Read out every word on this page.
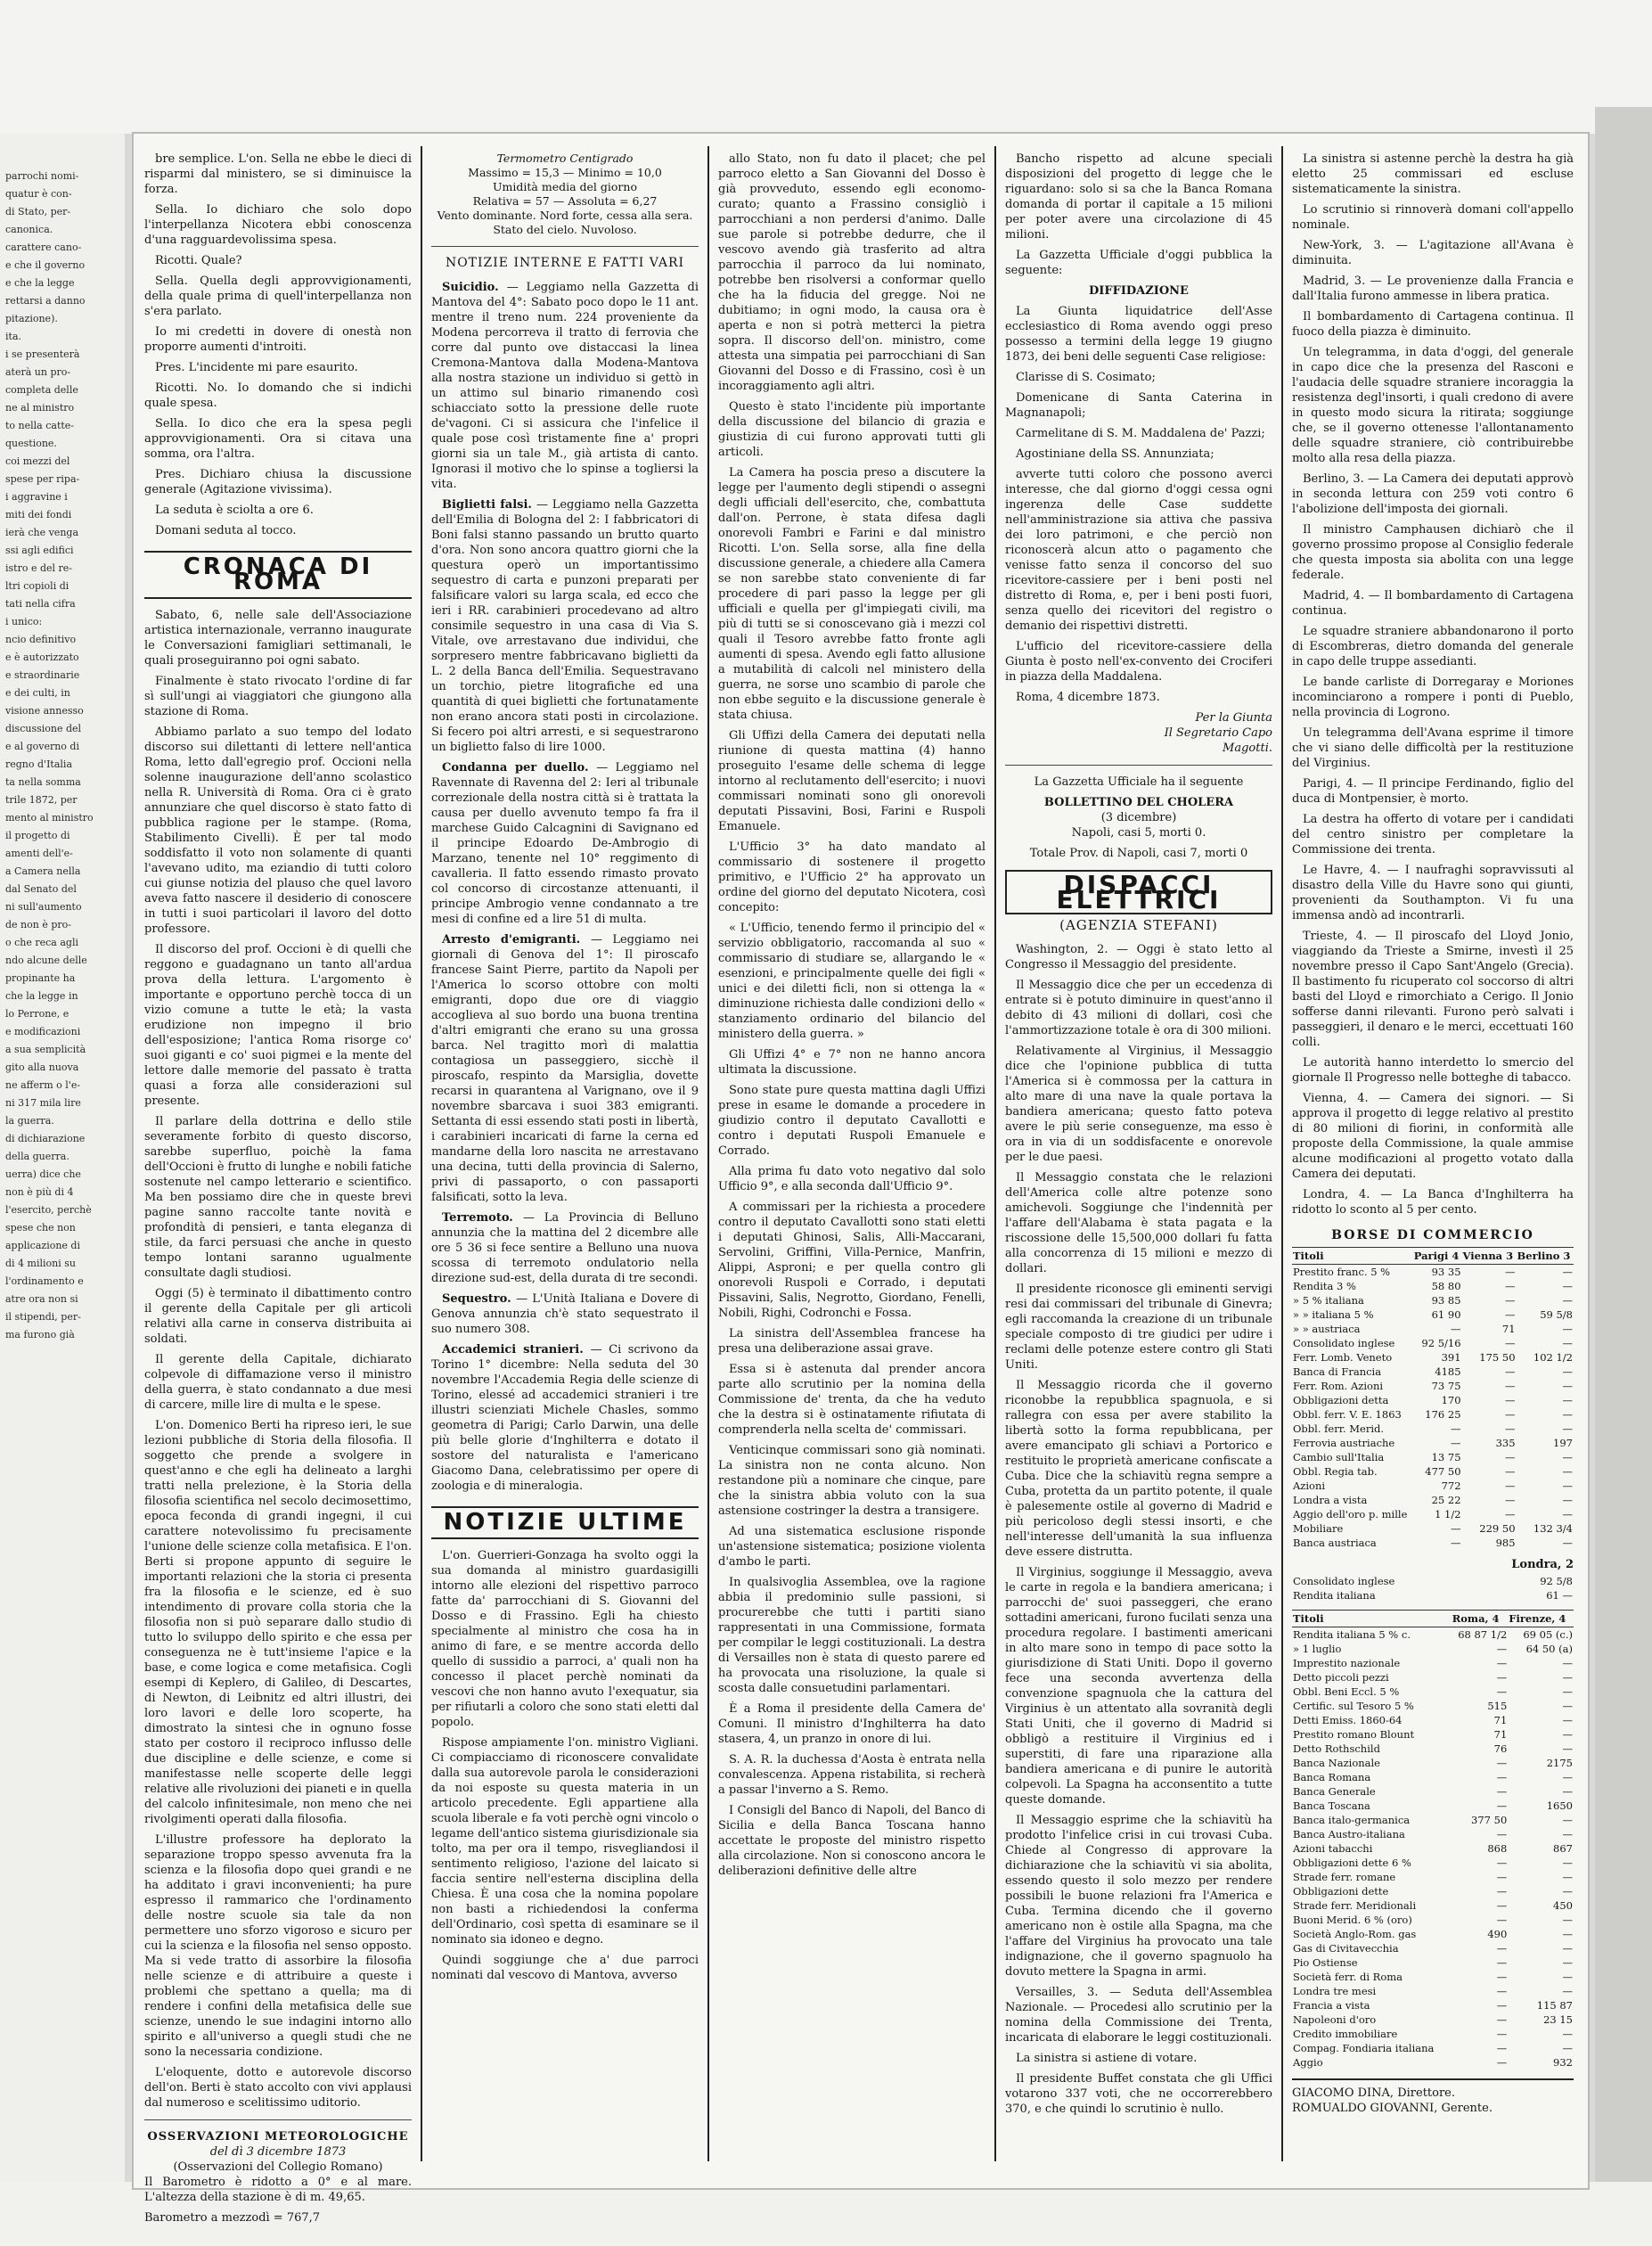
parrochi nomi-

quatur è con-

di Stato, per-

canonica.

carattere cano-

e che il governo

e che la legge

rettarsi a danno

pitazione).

ita.

i se presenterà

aterà un pro-

completa delle

ne al ministro

to nella catte-

questione.

coi mezzi del

spese per ripa-

i aggravine i

miti dei fondi

ierà che venga

ssi agli edifici

istro e del re-

ltri copioli di

tati nella cifra

i unico:

ncio definitivo

e è autorizzato

e straordinarie

e dei culti, in

visione annesso

discussione del

e al governo di

regno d'Italia

ta nella somma

trile 1872, per

mento al ministro

il progetto di

amenti dell'e-

a Camera nella

dal Senato del

ni sull'aumento

de non è pro-

o che reca agli

ndo alcune delle

propinante ha

che la legge in

lo Perrone, e

e modificazioni

a sua semplicità

gito alla nuova

ne afferm o l'e-

ni 317 mila lire

la guerra.

di dichiarazione

della guerra.

uerra) dice che

non è più di 4

l'esercito, perchè

spese che non

applicazione di

di 4 milioni su

l'ordinamento e

atre ora non si

il stipendi, per-

ma furono già

bre semplice. L'on. Sella ne ebbe le dieci di risparmi dal ministero, se si diminuisce la forza.

Sella. Io dichiaro che solo dopo l'interpellanza Nicotera ebbi conoscenza d'una ragguardevolissima spesa.

Ricotti. Quale?

Sella. Quella degli approvvigionamenti, della quale prima di quell'interpellanza non s'era parlato.

Io mi credetti in dovere di onestà non proporre aumenti d'introiti.

Pres. L'incidente mi pare esaurito.

Ricotti. No. Io domando che si indichi quale spesa.

Sella. Io dico che era la spesa pegli approvvigionamenti. Ora si citava una somma, ora l'altra.

Pres. Dichiaro chiusa la discussione generale (Agitazione vivissima).

La seduta è sciolta a ore 6.

Domani seduta al tocco.

CRONACA DI ROMA

Sabato, 6, nelle sale dell'Associazione artistica internazionale, verranno inaugurate le Conversazioni famigliari settimanali, le quali proseguiranno poi ogni sabato.

Finalmente è stato rivocato l'ordine di far sì sull'ungi ai viaggiatori che giungono alla stazione di Roma.

Abbiamo parlato a suo tempo del lodato discorso sui dilettanti di lettere nell'antica Roma, letto dall'egregio prof. Occioni nella solenne inaugurazione dell'anno scolastico nella R. Università di Roma. Ora ci è grato annunziare che quel discorso è stato fatto di pubblica ragione per le stampe. (Roma, Stabilimento Civelli). È per tal modo soddisfatto il voto non solamente di quanti l'avevano udito, ma eziandio di tutti coloro cui giunse notizia del plauso che quel lavoro aveva fatto nascere il desiderio di conoscere in tutti i suoi particolari il lavoro del dotto professore.

Il discorso del prof. Occioni è di quelli che reggono e guadagnano un tanto all'ardua prova della lettura. L'argomento è importante e opportuno perchè tocca di un vizio comune a tutte le età; la vasta erudizione non impegno il brio dell'esposizione; l'antica Roma risorge co' suoi giganti e co' suoi pigmei e la mente del lettore dalle memorie del passato è tratta quasi a forza alle considerazioni sul presente.

Il parlare della dottrina e dello stile severamente forbito di questo discorso, sarebbe superfluo, poichè la fama dell'Occioni è frutto di lunghe e nobili fatiche sostenute nel campo letterario e scientifico. Ma ben possiamo dire che in queste brevi pagine sanno raccolte tante novità e profondità di pensieri, e tanta eleganza di stile, da farci persuasi che anche in questo tempo lontani saranno ugualmente consultate dagli studiosi.

Oggi (5) è terminato il dibattimento contro il gerente della Capitale per gli articoli relativi alla carne in conserva distribuita ai soldati.

Il gerente della Capitale, dichiarato colpevole di diffamazione verso il ministro della guerra, è stato condannato a due mesi di carcere, mille lire di multa e le spese.

L'on. Domenico Berti ha ripreso ieri, le sue lezioni pubbliche di Storia della filosofia. Il soggetto che prende a svolgere in quest'anno e che egli ha delineato a larghi tratti nella prelezione, è la Storia della filosofia scientifica nel secolo decimosettimo, epoca feconda di grandi ingegni, il cui carattere notevolissimo fu precisamente l'unione delle scienze colla metafisica. E l'on. Berti si propone appunto di seguire le importanti relazioni che la storia ci presenta fra la filosofia e le scienze, ed è suo intendimento di provare colla storia che la filosofia non si può separare dallo studio di tutto lo sviluppo dello spirito e che essa per conseguenza ne è tutt'insieme l'apice e la base, e come logica e come metafisica. Cogli esempi di Keplero, di Galileo, di Descartes, di Newton, di Leibnitz ed altri illustri, dei loro lavori e delle loro scoperte, ha dimostrato la sintesi che in ognuno fosse stato per costoro il reciproco influsso delle due discipline e delle scienze, e come si manifestasse nelle scoperte delle leggi relative alle rivoluzioni dei pianeti e in quella del calcolo infinitesimale, non meno che nei rivolgimenti operati dalla filosofia.

L'illustre professore ha deplorato la separazione troppo spesso avvenuta fra la scienza e la filosofia dopo quei grandi e ne ha additato i gravi inconvenienti; ha pure espresso il rammarico che l'ordinamento delle nostre scuole sia tale da non permettere uno sforzo vigoroso e sicuro per cui la scienza e la filosofia nel senso opposto. Ma si vede tratto di assorbire la filosofia nelle scienze e di attribuire a queste i problemi che spettano a quella; ma di rendere i confini della metafisica delle sue scienze, unendo le sue indagini intorno allo spirito e all'universo a quegli studi che ne sono la necessaria condizione.

L'eloquente, dotto e autorevole discorso dell'on. Berti è stato accolto con vivi applausi dal numeroso e scelitissimo uditorio.

OSSERVAZIONI METEOROLOGICHE
del dì 3 dicembre 1873
(Osservazioni del Collegio Romano)

Il Barometro è ridotto a 0° e al mare. L'altezza della stazione è di m. 49,65.

Barometro a mezzodì = 767,7

Termometro Centigrado
Massimo = 15,3 — Minimo = 10,0
Umidità media del giorno
Relativa = 57 — Assoluta = 6,27
Vento dominante. Nord forte, cessa alla sera.
Stato del cielo. Nuvoloso.
NOTIZIE INTERNE E FATTI VARI

Suicidio. — Leggiamo nella Gazzetta di Mantova del 4°: Sabato poco dopo le 11 ant. mentre il treno num. 224 proveniente da Modena percorreva il tratto di ferrovia che corre dal punto ove distaccasi la linea Cremona-Mantova dalla Modena-Mantova alla nostra stazione un individuo si gettò in un attimo sul binario rimanendo così schiacciato sotto la pressione delle ruote de'vagoni. Ci si assicura che l'infelice il quale pose così tristamente fine a' propri giorni sia un tale M., già artista di canto. Ignorasi il motivo che lo spinse a togliersi la vita.

Biglietti falsi. — Leggiamo nella Gazzetta dell'Emilia di Bologna del 2: I fabbricatori di Boni falsi stanno passando un brutto quarto d'ora. Non sono ancora quattro giorni che la questura operò un importantissimo sequestro di carta e punzoni preparati per falsificare valori su larga scala, ed ecco che ieri i RR. carabinieri procedevano ad altro consimile sequestro in una casa di Via S. Vitale, ove arrestavano due individui, che sorpresero mentre fabbricavano biglietti da L. 2 della Banca dell'Emilia. Sequestravano un torchio, pietre litografiche ed una quantità di quei biglietti che fortunatamente non erano ancora stati posti in circolazione. Si fecero poi altri arresti, e si sequestrarono un biglietto falso di lire 1000.

Condanna per duello. — Leggiamo nel Ravennate di Ravenna del 2: Ieri al tribunale correzionale della nostra città si è trattata la causa per duello avvenuto tempo fa fra il marchese Guido Calcagnini di Savignano ed il principe Edoardo De-Ambrogio di Marzano, tenente nel 10° reggimento di cavalleria. Il fatto essendo rimasto provato col concorso di circostanze attenuanti, il principe Ambrogio venne condannato a tre mesi di confine ed a lire 51 di multa.

Arresto d'emigranti. — Leggiamo nei giornali di Genova del 1°: Il piroscafo francese Saint Pierre, partito da Napoli per l'America lo scorso ottobre con molti emigranti, dopo due ore di viaggio accoglieva al suo bordo una buona trentina d'altri emigranti che erano su una grossa barca. Nel tragitto morì di malattia contagiosa un passeggiero, sicchè il piroscafo, respinto da Marsiglia, dovette recarsi in quarantena al Varignano, ove il 9 novembre sbarcava i suoi 383 emigranti. Settanta di essi essendo stati posti in libertà, i carabinieri incaricati di farne la cerna ed mandarne della loro nascita ne arrestavano una decina, tutti della provincia di Salerno, privi di passaporto, o con passaporti falsificati, sotto la leva.

Terremoto. — La Provincia di Belluno annunzia che la mattina del 2 dicembre alle ore 5 36 si fece sentire a Belluno una nuova scossa di terremoto ondulatorio nella direzione sud-est, della durata di tre secondi.

Sequestro. — L'Unità Italiana e Dovere di Genova annunzia ch'è stato sequestrato il suo numero 308.

Accademici stranieri. — Ci scrivono da Torino 1° dicembre: Nella seduta del 30 novembre l'Accademia Regia delle scienze di Torino, elessé ad accademici stranieri i tre illustri scienziati Michele Chasles, sommo geometra di Parigi; Carlo Darwin, una delle più belle glorie d'Inghilterra e dotato il sostore del naturalista e l'americano Giacomo Dana, celebratissimo per opere di zoologia e di mineralogia.

NOTIZIE ULTIME

L'on. Guerrieri-Gonzaga ha svolto oggi la sua domanda al ministro guardasigilli intorno alle elezioni del rispettivo parroco fatte da' parrocchiani di S. Giovanni del Dosso e di Frassino. Egli ha chiesto specialmente al ministro che cosa ha in animo di fare, e se mentre accorda dello quello di sussidio a parroci, a' quali non ha concesso il placet perchè nominati da vescovi che non hanno avuto l'exequatur, sia per rifiutarli a coloro che sono stati eletti dal popolo.

Rispose ampiamente l'on. ministro Vigliani. Ci compiacciamo di riconoscere convalidate dalla sua autorevole parola le considerazioni da noi esposte su questa materia in un articolo precedente. Egli appartiene alla scuola liberale e fa voti perchè ogni vincolo o legame dell'antico sistema giurisdizionale sia tolto, ma per ora il tempo, risvegliandosi il sentimento religioso, l'azione del laicato si faccia sentire nell'esterna disciplina della Chiesa. È una cosa che la nomina popolare non basti a richiedendosi la conferma dell'Ordinario, così spetta di esaminare se il nominato sia idoneo e degno.

Quindi soggiunge che a' due parroci nominati dal vescovo di Mantova, avverso

allo Stato, non fu dato il placet; che pel parroco eletto a San Giovanni del Dosso è già provveduto, essendo egli economo-curato; quanto a Frassino consigliò i parrocchiani a non perdersi d'animo. Dalle sue parole si potrebbe dedurre, che il vescovo avendo già trasferito ad altra parrocchia il parroco da lui nominato, potrebbe ben risolversi a conformar quello che ha la fiducia del gregge. Noi ne dubitiamo; in ogni modo, la causa ora è aperta e non si potrà metterci la pietra sopra. Il discorso dell'on. ministro, come attesta una simpatia pei parrocchiani di San Giovanni del Dosso e di Frassino, così è un incoraggiamento agli altri.

Questo è stato l'incidente più importante della discussione del bilancio di grazia e giustizia di cui furono approvati tutti gli articoli.

La Camera ha poscia preso a discutere la legge per l'aumento degli stipendi o assegni degli ufficiali dell'esercito, che, combattuta dall'on. Perrone, è stata difesa dagli onorevoli Fambri e Farini e dal ministro Ricotti. L'on. Sella sorse, alla fine della discussione generale, a chiedere alla Camera se non sarebbe stato conveniente di far procedere di pari passo la legge per gli ufficiali e quella per gl'impiegati civili, ma più di tutti se si conoscevano già i mezzi col quali il Tesoro avrebbe fatto fronte agli aumenti di spesa. Avendo egli fatto allusione a mutabilità di calcoli nel ministero della guerra, ne sorse uno scambio di parole che non ebbe seguito e la discussione generale è stata chiusa.

Gli Uffizi della Camera dei deputati nella riunione di questa mattina (4) hanno proseguito l'esame delle schema di legge intorno al reclutamento dell'esercito; i nuovi commissari nominati sono gli onorevoli deputati Pissavini, Bosi, Farini e Ruspoli Emanuele.

L'Ufficio 3° ha dato mandato al commissario di sostenere il progetto primitivo, e l'Ufficio 2° ha approvato un ordine del giorno del deputato Nicotera, così concepito:

« L'Ufficio, tenendo fermo il principio del « servizio obbligatorio, raccomanda al suo « commissario di studiare se, allargando le « esenzioni, e principalmente quelle dei figli « unici e dei diletti ficli, non si ottenga la « diminuzione richiesta dalle condizioni dello « stanziamento ordinario del bilancio del ministero della guerra. »

Gli Uffizi 4° e 7° non ne hanno ancora ultimata la discussione.

Sono state pure questa mattina dagli Uffizi prese in esame le domande a procedere in giudizio contro il deputato Cavallotti e contro i deputati Ruspoli Emanuele e Corrado.

Alla prima fu dato voto negativo dal solo Ufficio 9°, e alla seconda dall'Ufficio 9°.

A commissari per la richiesta a procedere contro il deputato Cavallotti sono stati eletti i deputati Ghinosi, Salis, Alli-Maccarani, Servolini, Griffini, Villa-Pernice, Manfrin, Alippi, Asproni; e per quella contro gli onorevoli Ruspoli e Corrado, i deputati Pissavini, Salis, Negrotto, Giordano, Fenelli, Nobili, Righi, Codronchi e Fossa.

La sinistra dell'Assemblea francese ha presa una deliberazione assai grave.

Essa si è astenuta dal prender ancora parte allo scrutinio per la nomina della Commissione de' trenta, da che ha veduto che la destra si è ostinatamente rifiutata di comprenderla nella scelta de' commissari.

Venticinque commissari sono già nominati. La sinistra non ne conta alcuno. Non restandone più a nominare che cinque, pare che la sinistra abbia voluto con la sua astensione costringer la destra a transigere.

Ad una sistematica esclusione risponde un'astensione sistematica; posizione violenta d'ambo le parti.

In qualsivoglia Assemblea, ove la ragione abbia il predominio sulle passioni, si procurerebbe che tutti i partiti siano rappresentati in una Commissione, formata per compilar le leggi costituzionali. La destra di Versailles non è stata di questo parere ed ha provocata una risoluzione, la quale si scosta dalle consuetudini parlamentari.

È a Roma il presidente della Camera de' Comuni. Il ministro d'Inghilterra ha dato stasera, 4, un pranzo in onore di lui.

S. A. R. la duchessa d'Aosta è entrata nella convalescenza. Appena ristabilita, si recherà a passar l'inverno a S. Remo.

I Consigli del Banco di Napoli, del Banco di Sicilia e della Banca Toscana hanno accettate le proposte del ministro rispetto alla circolazione. Non si conoscono ancora le deliberazioni definitive delle altre

Bancho rispetto ad alcune speciali disposizioni del progetto di legge che le riguardano: solo si sa che la Banca Romana domanda di portar il capitale a 15 milioni per poter avere una circolazione di 45 milioni.

La Gazzetta Ufficiale d'oggi pubblica la seguente:

DIFFIDAZIONE

La Giunta liquidatrice dell'Asse ecclesiastico di Roma avendo oggi preso possesso a termini della legge 19 giugno 1873, dei beni delle seguenti Case religiose:

Clarisse di S. Cosimato;

Domenicane di Santa Caterina in Magnanapoli;

Carmelitane di S. M. Maddalena de' Pazzi;

Agostiniane della SS. Annunziata;

avverte tutti coloro che possono averci interesse, che dal giorno d'oggi cessa ogni ingerenza delle Case suddette nell'amministrazione sia attiva che passiva dei loro patrimoni, e che perciò non riconoscerà alcun atto o pagamento che venisse fatto senza il concorso del suo ricevitore-cassiere per i beni posti nel distretto di Roma, e, per i beni posti fuori, senza quello dei ricevitori del registro o demanio dei rispettivi distretti.

L'ufficio del ricevitore-cassiere della Giunta è posto nell'ex-convento dei Crociferi in piazza della Maddalena.

Roma, 4 dicembre 1873.

Per la Giunta
Il Segretario Capo
Magotti.
La Gazzetta Ufficiale ha il seguente
BOLLETTINO DEL CHOLERA
(3 dicembre)

Napoli, casi 5, morti 0.

Totale Prov. di Napoli, casi 7, morti 0

DISPACCI ELETTRICI
(AGENZIA STEFANI)

Washington, 2. — Oggi è stato letto al Congresso il Messaggio del presidente.

Il Messaggio dice che per un eccedenza di entrate si è potuto diminuire in quest'anno il debito di 43 milioni di dollari, così che l'ammortizzazione totale è ora di 300 milioni.

Relativamente al Virginius, il Messaggio dice che l'opinione pubblica di tutta l'America si è commossa per la cattura in alto mare di una nave la quale portava la bandiera americana; questo fatto poteva avere le più serie conseguenze, ma esso è ora in via di un soddisfacente e onorevole per le due paesi.

Il Messaggio constata che le relazioni dell'America colle altre potenze sono amichevoli. Soggiunge che l'indennità per l'affare dell'Alabama è stata pagata e la riscossione delle 15,500,000 dollari fu fatta alla concorrenza di 15 milioni e mezzo di dollari.

Il presidente riconosce gli eminenti servigi resi dai commissari del tribunale di Ginevra; egli raccomanda la creazione di un tribunale speciale composto di tre giudici per udire i reclami delle potenze estere contro gli Stati Uniti.

Il Messaggio ricorda che il governo riconobbe la repubblica spagnuola, e si rallegra con essa per avere stabilito la libertà sotto la forma repubblicana, per avere emancipato gli schiavi a Portorico e restituito le proprietà americane confiscate a Cuba. Dice che la schiavitù regna sempre a Cuba, protetta da un partito potente, il quale è palesemente ostile al governo di Madrid e più pericoloso degli stessi insorti, e che nell'interesse dell'umanità la sua influenza deve essere distrutta.

Il Virginius, soggiunge il Messaggio, aveva le carte in regola e la bandiera americana; i parrocchi de' suoi passeggeri, che erano sottadini americani, furono fucilati senza una procedura regolare. I bastimenti americani in alto mare sono in tempo di pace sotto la giurisdizione di Stati Uniti. Dopo il governo fece una seconda avvertenza della convenzione spagnuola che la cattura del Virginius è un attentato alla sovranità degli Stati Uniti, che il governo di Madrid si obbligò a restituire il Virginius ed i superstiti, di fare una riparazione alla bandiera americana e di punire le autorità colpevoli. La Spagna ha acconsentito a tutte queste domande.

Il Messaggio esprime che la schiavitù ha prodotto l'infelice crisi in cui trovasi Cuba. Chiede al Congresso di approvare la dichiarazione che la schiavitù vi sia abolita, essendo questo il solo mezzo per rendere possibili le buone relazioni fra l'America e Cuba. Termina dicendo che il governo americano non è ostile alla Spagna, ma che l'affare del Virginius ha provocato una tale indignazione, che il governo spagnuolo ha dovuto mettere la Spagna in armi.

Versailles, 3. — Seduta dell'Assemblea Nazionale. — Procedesi allo scrutinio per la nomina della Commissione dei Trenta, incaricata di elaborare le leggi costituzionali.

La sinistra si astiene di votare.

Il presidente Buffet constata che gli Uffici votarono 337 voti, che ne occorrerebbero 370, e che quindi lo scrutinio è nullo.

La sinistra si astenne perchè la destra ha già eletto 25 commissari ed escluse sistematicamente la sinistra.

Lo scrutinio si rinnoverà domani coll'appello nominale.

New-York, 3. — L'agitazione all'Avana è diminuita.

Madrid, 3. — Le provenienze dalla Francia e dall'Italia furono ammesse in libera pratica.

Il bombardamento di Cartagena continua. Il fuoco della piazza è diminuito.

Un telegramma, in data d'oggi, del generale in capo dice che la presenza del Rasconi e l'audacia delle squadre straniere incoraggia la resistenza degl'insorti, i quali credono di avere in questo modo sicura la ritirata; soggiunge che, se il governo ottenesse l'allontanamento delle squadre straniere, ciò contribuirebbe molto alla resa della piazza.

Berlino, 3. — La Camera dei deputati approvò in seconda lettura con 259 voti contro 6 l'abolizione dell'imposta dei giornali.

Il ministro Camphausen dichiarò che il governo prossimo propose al Consiglio federale che questa imposta sia abolita con una legge federale.

Madrid, 4. — Il bombardamento di Cartagena continua.

Le squadre straniere abbandonarono il porto di Escombreras, dietro domanda del generale in capo delle truppe assedianti.

Le bande carliste di Dorregaray e Moriones incominciarono a rompere i ponti di Pueblo, nella provincia di Logrono.

Un telegramma dell'Avana esprime il timore che vi siano delle difficoltà per la restituzione del Virginius.

Parigi, 4. — Il principe Ferdinando, figlio del duca di Montpensier, è morto.

La destra ha offerto di votare per i candidati del centro sinistro per completare la Commissione dei trenta.

Le Havre, 4. — I naufraghi sopravvissuti al disastro della Ville du Havre sono qui giunti, provenienti da Southampton. Vi fu una immensa andò ad incontrarli.

Trieste, 4. — Il piroscafo del Lloyd Jonio, viaggiando da Trieste a Smirne, investì il 25 novembre presso il Capo Sant'Angelo (Grecia). Il bastimento fu ricuperato col soccorso di altri basti del Lloyd e rimorchiato a Cerigo. Il Jonio sofferse danni rilevanti. Furono però salvati i passeggieri, il denaro e le merci, eccettuati 160 colli.

Le autorità hanno interdetto lo smercio del giornale Il Progresso nelle botteghe di tabacco.

Vienna, 4. — Camera dei signori. — Si approva il progetto di legge relativo al prestito di 80 milioni di fiorini, in conformità alle proposte della Commissione, la quale ammise alcune modificazioni al progetto votato dalla Camera dei deputati.

Londra, 4. — La Banca d'Inghilterra ha ridotto lo sconto al 5 per cento.

BORSE DI COMMERCIO
Titoli	Parigi 4	Vienna 3	Berlino 3
Prestito franc. 5 %	93 35	—	—
Rendita 3 %	58 80	—	—
» 5 % italiana	93 85	—	—
» » italiana 5 %	61 90	—	59 5/8
» » austriaca	—	71	—
Consolidato inglese	92 5/16	—	—
Ferr. Lomb. Veneto	391	175 50	102 1/2
Banca di Francia	4185	—	—
Ferr. Rom. Azioni	73 75	—	—
Obbligazioni detta	170	—	—
Obbl. ferr. V. E. 1863	176 25	—	—
Obbl. ferr. Merid.	—	—	—
Ferrovia austriache	—	335	197
Cambio sull'Italia	13 75	—	—
Obbl. Regia tab.	477 50	—	—
Azioni	772	—	—
Londra a vista	25 22	—	—
Aggio dell'oro p. mille	1 1/2	—	—
Mobiliare	—	229 50	132 3/4
Banca austriaca	—	985	—
Londra, 2
Consolidato inglese	92 5/8
Rendita italiana	61 —
Titoli	Roma, 4	Firenze, 4
Rendita italiana 5 % c.	68 87 1/2	69 05 (c.)
» 1 luglio	—	64 50 (a)
Imprestito nazionale	—	—
Detto piccoli pezzi	—	—
Obbl. Beni Eccl. 5 %	—	—
Certific. sul Tesoro 5 %	515	—
Detti Emiss. 1860-64	71	—
Prestito romano Blount	71	—
Detto Rothschild	76	—
Banca Nazionale	—	2175
Banca Romana	—	—
Banca Generale	—	—
Banca Toscana	—	1650
Banca italo-germanica	377 50	—
Banca Austro-italiana	—	—
Azioni tabacchi	868	867
Obbligazioni dette 6 %	—	—
Strade ferr. romane	—	—
Obbligazioni dette	—	—
Strade ferr. Meridionali	—	450
Buoni Merid. 6 % (oro)	—	—
Società Anglo-Rom. gas	490	—
Gas di Civitavecchia	—	—
Pio Ostiense	—	—
Società ferr. di Roma	—	—
Londra tre mesi	—	—
Francia a vista	—	115 87
Napoleoni d'oro	—	23 15
Credito immobiliare	—	—
Compag. Fondiaria italiana	—	—
Aggio	—	932
GIACOMO DINA, Direttore.
ROMUALDO GIOVANNI, Gerente.
